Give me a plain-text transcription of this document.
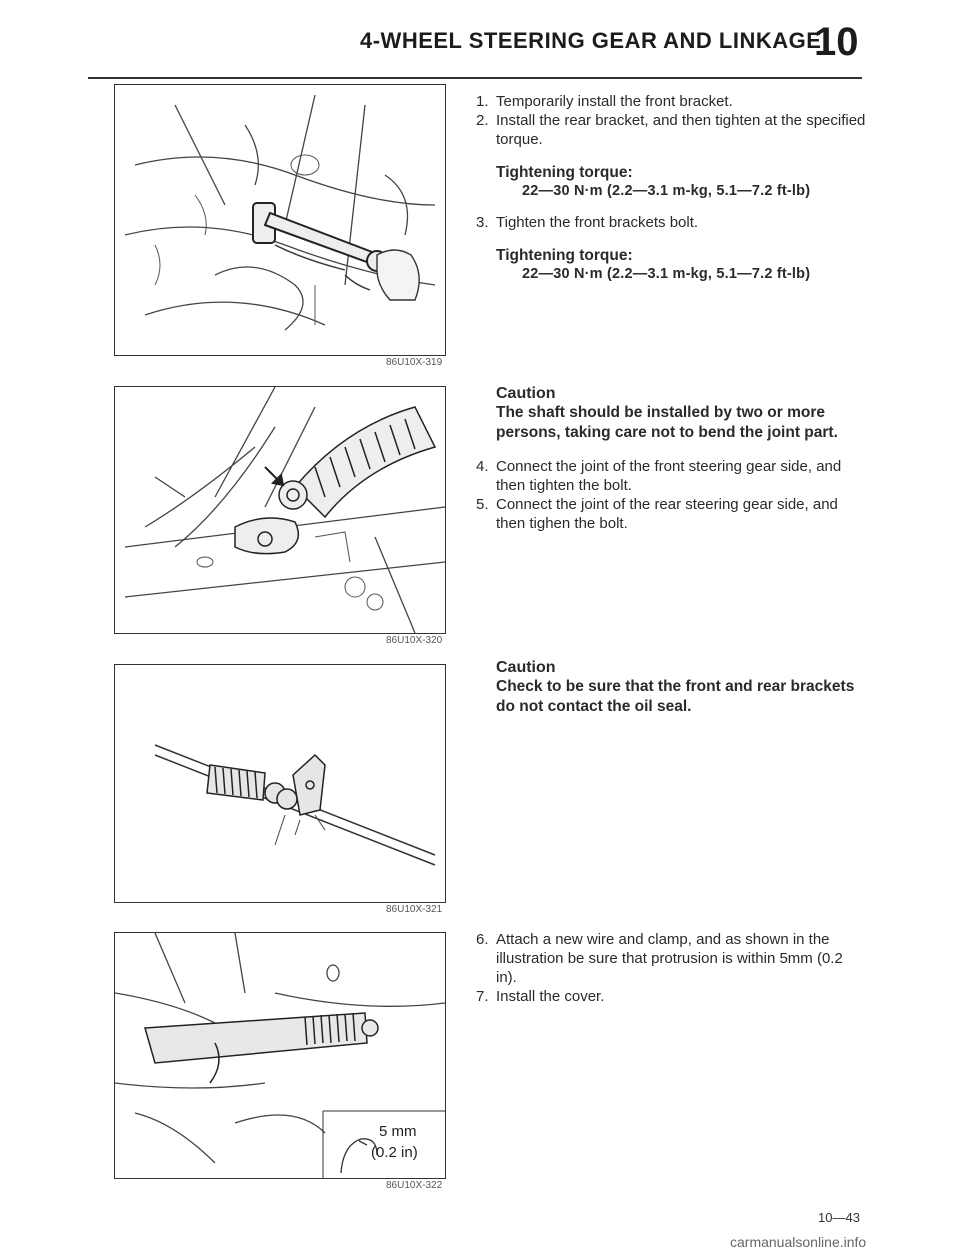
4-WHEEL STEERING GEAR AND LINKAGE
10
86U10X-319
86U10X-320
86U10X-321
5 mm
(0.2 in)
86U10X-322

1. Temporarily install the front bracket.

2. Install the rear bracket, and then tighten at the specified torque.

Tightening torque:
22—30 N·m (2.2—3.1 m-kg, 5.1—7.2 ft-lb)

3. Tighten the front brackets bolt.

Tightening torque:
22—30 N·m (2.2—3.1 m-kg, 5.1—7.2 ft-lb)
Caution
The shaft should be installed by two or more persons, taking care not to bend the joint part.

4. Connect the joint of the front steering gear side, and then tighten the bolt.

5. Connect the joint of the rear steering gear side, and then tighen the bolt.

Caution
Check to be sure that the front and rear brackets do not contact the oil seal.

6. Attach a new wire and clamp, and as shown in the illustration be sure that protrusion is within 5mm (0.2 in).

7. Install the cover.

10—43
carmanualsonline.info
